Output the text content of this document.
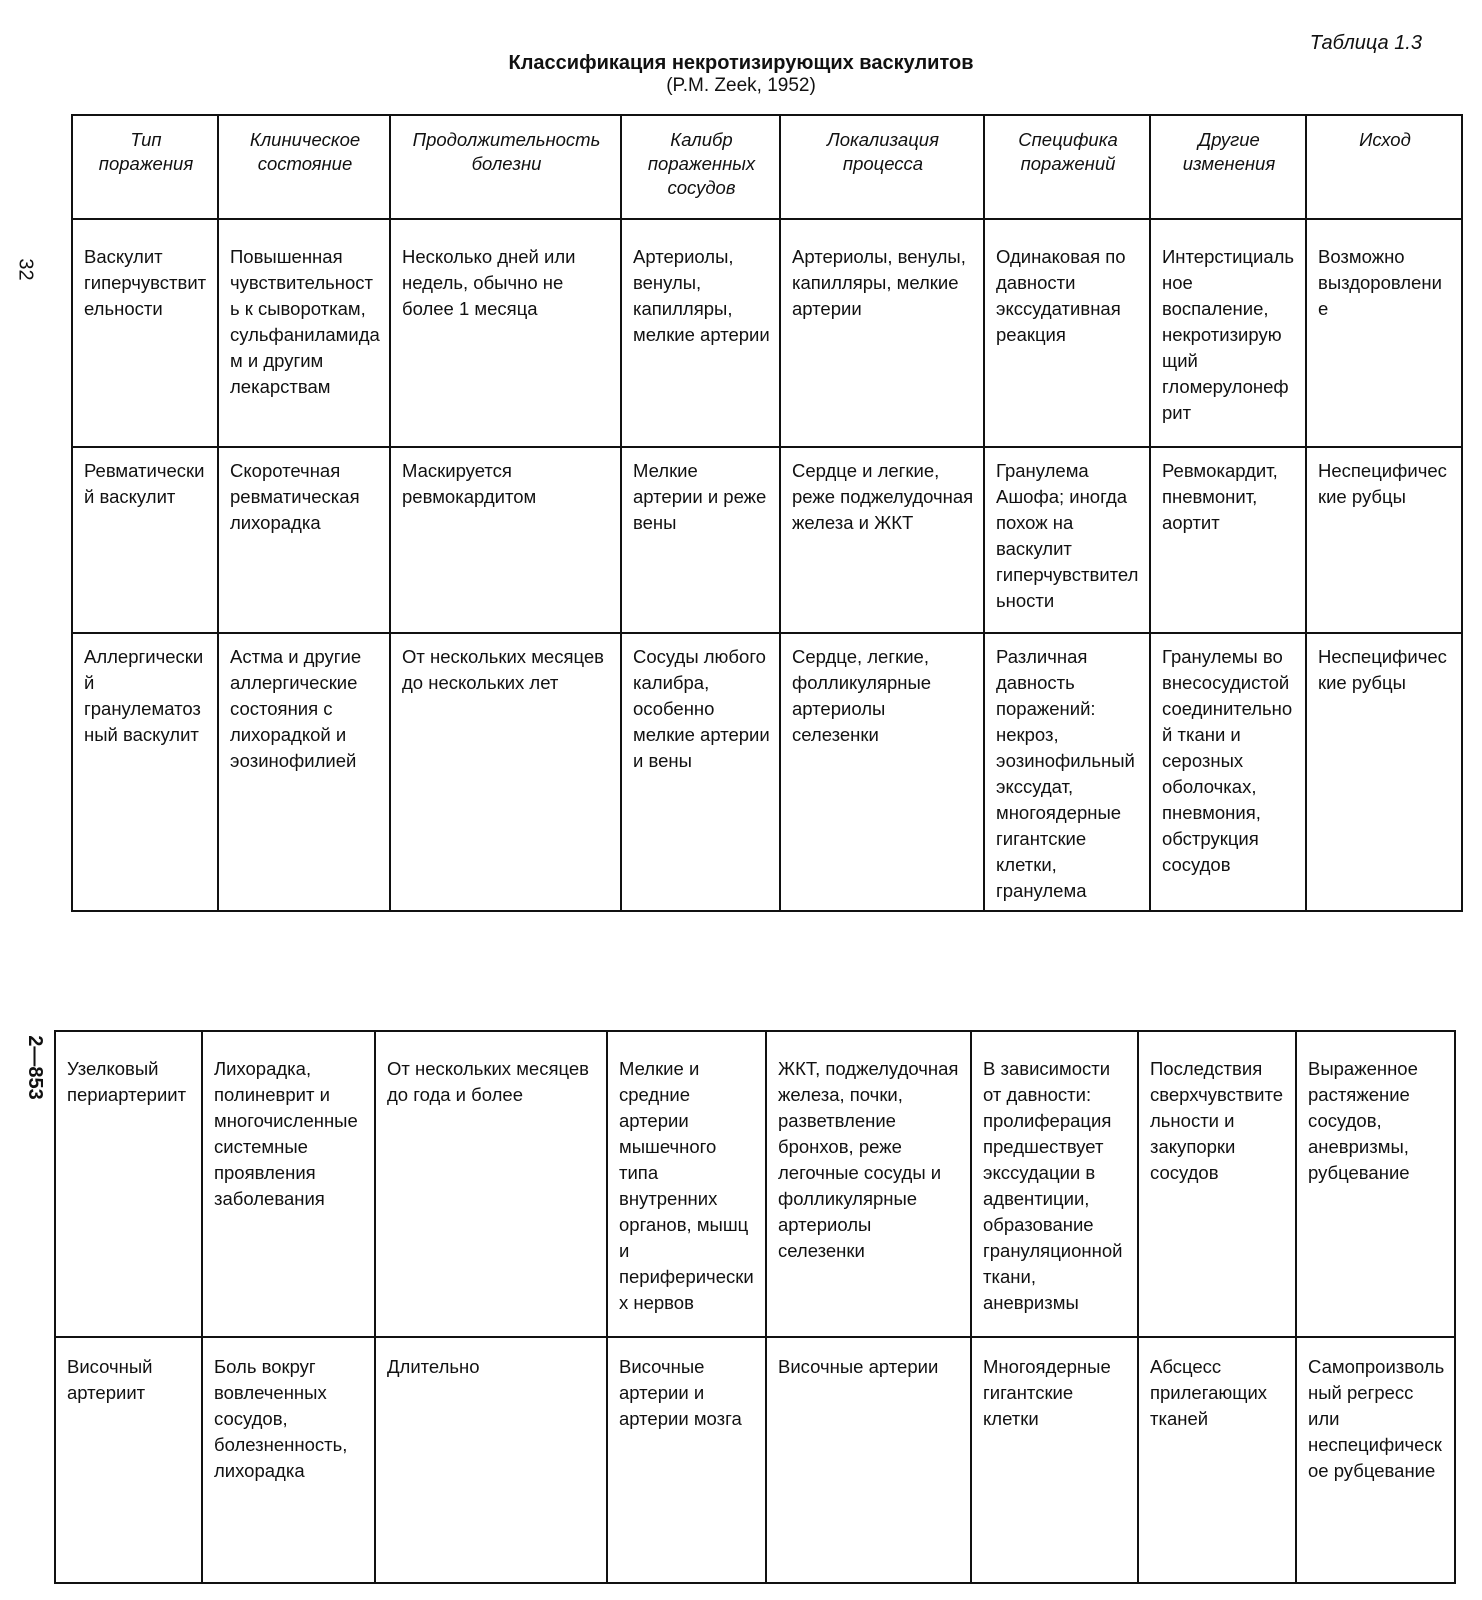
Таблица 1.3
Классификация некротизирующих васкулитов
(P.M. Zeek, 1952)
32
2—853
Тип поражения	Клиническое состояние	Продолжительность болезни	Калибр пораженных сосудов	Локализация процесса	Специфика поражений	Другие изменения	Исход
Васкулит гиперчувствительности	Повышенная чувствительность к сывороткам, сульфаниламидам и другим лекарствам	Несколько дней или недель, обычно не более 1 месяца	Артериолы, венулы, капилляры, мелкие артерии	Артериолы, венулы, капилляры, мелкие артерии	Одинаковая по давности экссудативная реакция	Интерстициальное воспаление, некротизирующий гломерулонефрит	Возможно выздоровление
Ревматический васкулит	Скоротечная ревматическая лихорадка	Маскируется ревмокардитом	Мелкие артерии и реже вены	Сердце и легкие, реже поджелудочная железа и ЖКТ	Гранулема Ашофа; иногда похож на васкулит гиперчувствительности	Ревмокардит, пневмонит, аортит	Неспецифические рубцы
Аллергический гранулематозный васкулит	Астма и другие аллергические состояния с лихорадкой и эозинофилией	От нескольких месяцев до нескольких лет	Сосуды любого калибра, особенно мелкие артерии и вены	Сердце, легкие, фолликулярные артериолы селезенки	Различная давность поражений: некроз, эозинофильный экссудат, многоядерные гигантские клетки, гранулема	Гранулемы во внесосудистой соединительной ткани и серозных оболочках, пневмония, обструкция сосудов	Неспецифические рубцы
Узелковый периартериит	Лихорадка, полиневрит и многочисленные системные проявления заболевания	От нескольких месяцев до года и более	Мелкие и средние артерии мышечного типа внутренних органов, мышц и периферических нервов	ЖКТ, поджелудочная железа, почки, разветвление бронхов, реже легочные сосуды и фолликулярные артериолы селезенки	В зависимости от давности: пролиферация предшествует экссудации в адвентиции, образование грануляционной ткани, аневризмы	Последствия сверхчувствительности и закупорки сосудов	Выраженное растяжение сосудов, аневризмы, рубцевание
Височный артериит	Боль вокруг вовлеченных сосудов, болезненность, лихорадка	Длительно	Височные артерии и артерии мозга	Височные артерии	Многоядерные гигантские клетки	Абсцесс прилегающих тканей	Самопроизвольный регресс или неспецифическое рубцевание
